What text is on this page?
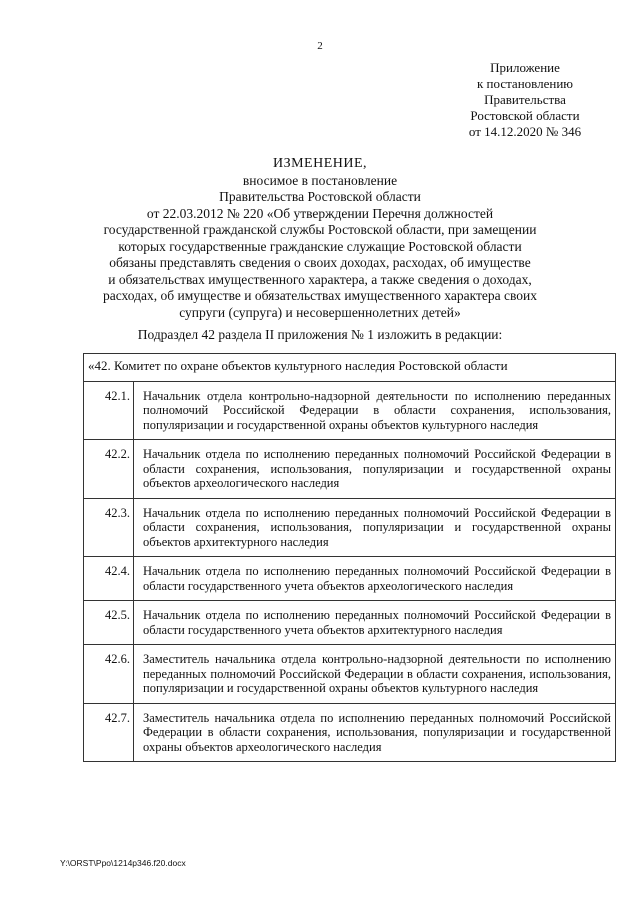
2
Приложение
к постановлению
Правительства
Ростовской области
от 14.12.2020 № 346
ИЗМЕНЕНИЕ,
вносимое в постановление
Правительства Ростовской области
от 22.03.2012 № 220 «Об утверждении Перечня должностей
государственной гражданской службы Ростовской области, при замещении
которых государственные гражданские служащие Ростовской области
обязаны представлять сведения о своих доходах, расходах, об имуществе
и обязательствах имущественного характера, а также сведения о доходах,
расходах, об имуществе и обязательствах имущественного характера своих
супруги (супруга) и несовершеннолетних детей»
Подраздел 42 раздела II приложения № 1 изложить в редакции:
«42. Комитет по охране объектов культурного наследия Ростовской области	
42.1.	Начальник отдела контрольно-надзорной деятельности по исполнению переданных полномочий Российской Федерации в области сохранения, использования, популяризации и государственной охраны объектов культурного наследия
42.2.	Начальник отдела по исполнению переданных полномочий Российской Федерации в области сохранения, использования, популяризации и государственной охраны объектов археологического наследия
42.3.	Начальник отдела по исполнению переданных полномочий Российской Федерации в области сохранения, использования, популяризации и государственной охраны объектов архитектурного наследия
42.4.	Начальник отдела по исполнению переданных полномочий Российской Федерации в области государственного учета объектов археологического наследия
42.5.	Начальник отдела по исполнению переданных полномочий Российской Федерации в области государственного учета объектов архитектурного наследия
42.6.	Заместитель начальника отдела контрольно-надзорной деятельности по исполнению переданных полномочий Российской Федерации в области сохранения, использования, популяризации и государственной охраны объектов культурного наследия
42.7.	Заместитель начальника отдела по исполнению переданных полномочий Российской Федерации в области сохранения, использования, популяризации и государственной охраны объектов археологического наследия
Y:\ORST\Ppo\1214p346.f20.docx
